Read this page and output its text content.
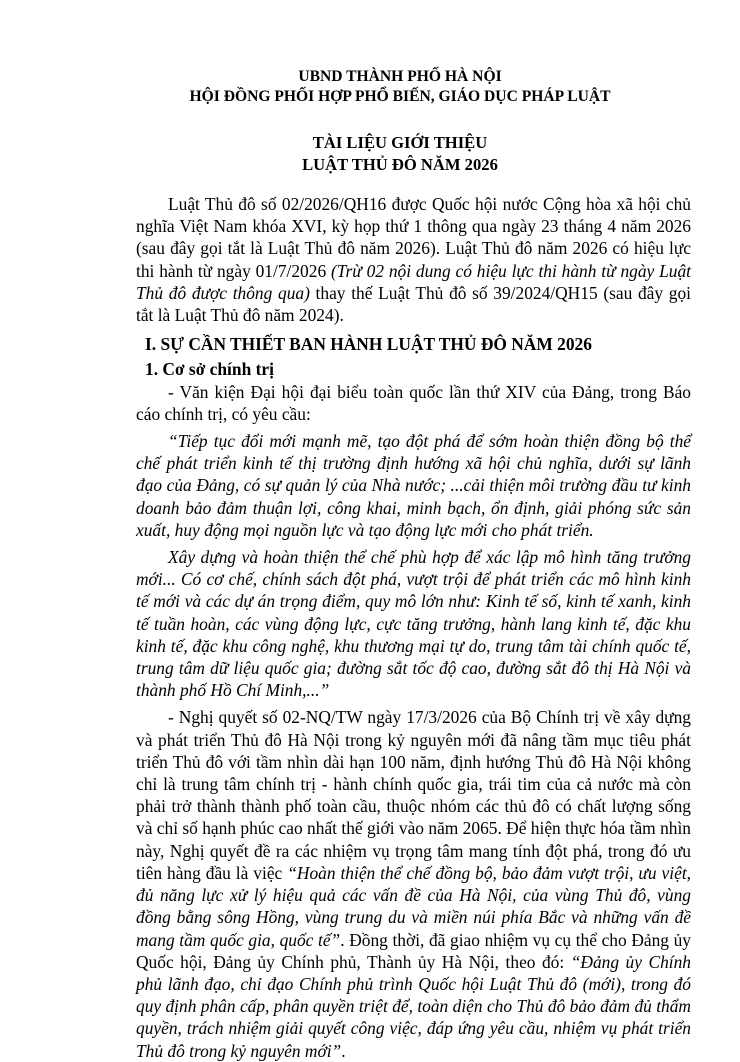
UBND THÀNH PHỐ HÀ NỘI
HỘI ĐỒNG PHỐI HỢP PHỔ BIẾN, GIÁO DỤC PHÁP LUẬT
TÀI LIỆU GIỚI THIỆU
LUẬT THỦ ĐÔ NĂM 2026

Luật Thủ đô số 02/2026/QH16 được Quốc hội nước Cộng hòa xã hội chủ nghĩa Việt Nam khóa XVI, kỳ họp thứ 1 thông qua ngày 23 tháng 4 năm 2026 (sau đây gọi tắt là Luật Thủ đô năm 2026). Luật Thủ đô năm 2026 có hiệu lực thi hành từ ngày 01/7/2026 (Trừ 02 nội dung có hiệu lực thi hành từ ngày Luật Thủ đô được thông qua) thay thế Luật Thủ đô số 39/2024/QH15 (sau đây gọi tắt là Luật Thủ đô năm 2024).

I. SỰ CẦN THIẾT BAN HÀNH LUẬT THỦ ĐÔ NĂM 2026

1. Cơ sở chính trị

- Văn kiện Đại hội đại biểu toàn quốc lần thứ XIV của Đảng, trong Báo cáo chính trị, có yêu cầu:

“Tiếp tục đổi mới mạnh mẽ, tạo đột phá để sớm hoàn thiện đồng bộ thể chế phát triển kinh tế thị trường định hướng xã hội chủ nghĩa, dưới sự lãnh đạo của Đảng, có sự quản lý của Nhà nước; ...cải thiện môi trường đầu tư kinh doanh bảo đảm thuận lợi, công khai, minh bạch, ổn định, giải phóng sức sản xuất, huy động mọi nguồn lực và tạo động lực mới cho phát triển.

Xây dựng và hoàn thiện thể chế phù hợp để xác lập mô hình tăng trưởng mới... Có cơ chế, chính sách đột phá, vượt trội để phát triển các mô hình kinh tế mới và các dự án trọng điểm, quy mô lớn như: Kinh tế số, kinh tế xanh, kinh tế tuần hoàn, các vùng động lực, cực tăng trưởng, hành lang kinh tế, đặc khu kinh tế, đặc khu công nghệ, khu thương mại tự do, trung tâm tài chính quốc tế, trung tâm dữ liệu quốc gia; đường sắt tốc độ cao, đường sắt đô thị Hà Nội và thành phố Hồ Chí Minh,...”

- Nghị quyết số 02-NQ/TW ngày 17/3/2026 của Bộ Chính trị về xây dựng và phát triển Thủ đô Hà Nội trong kỷ nguyên mới đã nâng tầm mục tiêu phát triển Thủ đô với tầm nhìn dài hạn 100 năm, định hướng Thủ đô Hà Nội không chỉ là trung tâm chính trị - hành chính quốc gia, trái tim của cả nước mà còn phải trở thành thành phố toàn cầu, thuộc nhóm các thủ đô có chất lượng sống và chỉ số hạnh phúc cao nhất thế giới vào năm 2065. Để hiện thực hóa tầm nhìn này, Nghị quyết đề ra các nhiệm vụ trọng tâm mang tính đột phá, trong đó ưu tiên hàng đầu là việc “Hoàn thiện thể chế đồng bộ, bảo đảm vượt trội, ưu việt, đủ năng lực xử lý hiệu quả các vấn đề của Hà Nội, của vùng Thủ đô, vùng đồng bằng sông Hồng, vùng trung du và miền núi phía Bắc và những vấn đề mang tầm quốc gia, quốc tế”. Đồng thời, đã giao nhiệm vụ cụ thể cho Đảng ủy Quốc hội, Đảng ủy Chính phủ, Thành ủy Hà Nội, theo đó: “Đảng ủy Chính phủ lãnh đạo, chỉ đạo Chính phủ trình Quốc hội Luật Thủ đô (mới), trong đó quy định phân cấp, phân quyền triệt để, toàn diện cho Thủ đô bảo đảm đủ thẩm quyền, trách nhiệm giải quyết công việc, đáp ứng yêu cầu, nhiệm vụ phát triển Thủ đô trong kỷ nguyên mới”.
